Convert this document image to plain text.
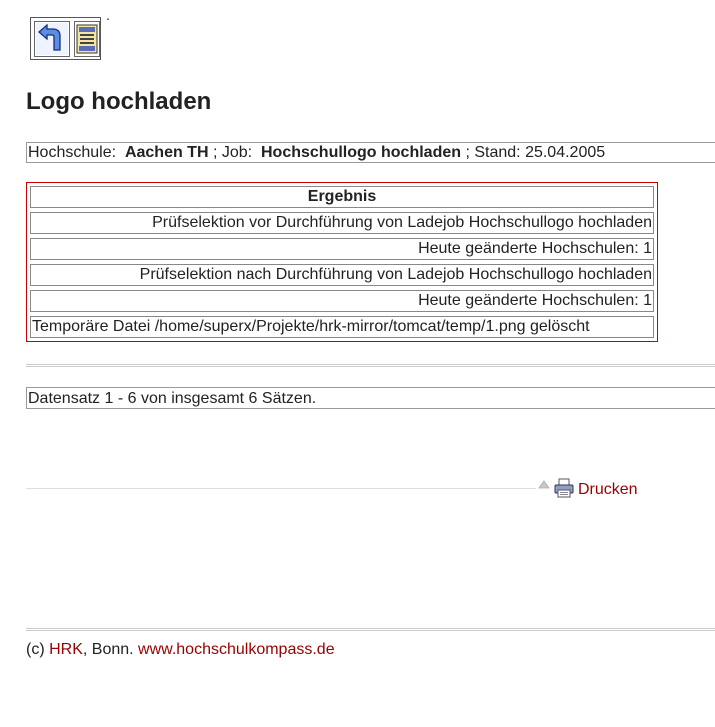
.
Logo hochladen
Hochschule: Aachen TH ; Job: Hochschullogo hochladen ; Stand: 25.04.2005
Ergebnis
Prüfselektion vor Durchführung von Ladejob Hochschullogo hochladen
Heute geänderte Hochschulen: 1
Prüfselektion nach Durchführung von Ladejob Hochschullogo hochladen
Heute geänderte Hochschulen: 1
Temporäre Datei /home/superx/Projekte/hrk-mirror/tomcat/temp/1.png gelöscht
Datensatz 1 - 6 von insgesamt 6 Sätzen.
Drucken
(c) HRK, Bonn. www.hochschulkompass.de
